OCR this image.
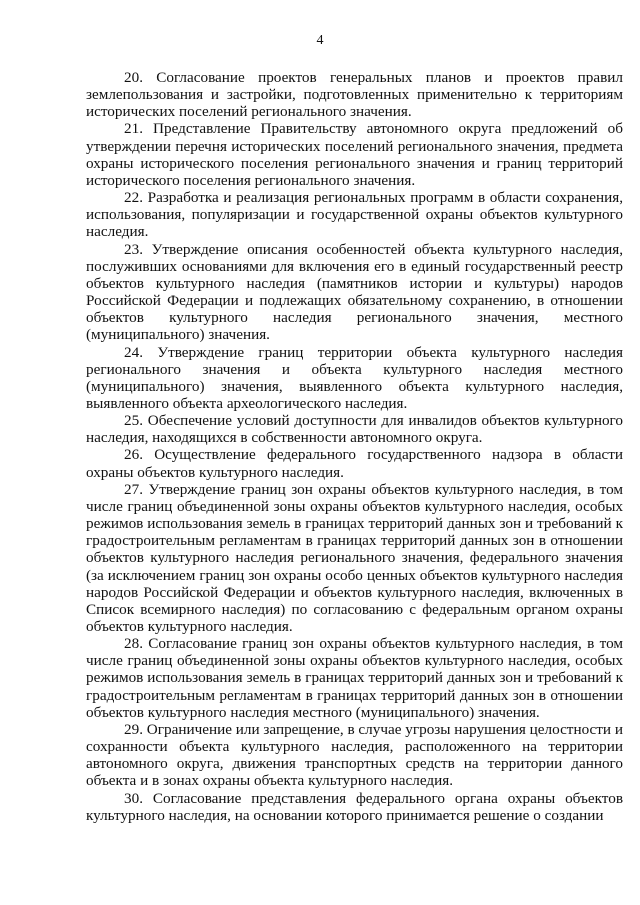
4

20. Согласование проектов генеральных планов и проектов правил землепользования и застройки, подготовленных применительно к территориям исторических поселений регионального значения.

21. Представление Правительству автономного округа предложений об утверждении перечня исторических поселений регионального значения, предмета охраны исторического поселения регионального значения и границ территорий исторического поселения регионального значения.

22. Разработка и реализация региональных программ в области сохранения, использования, популяризации и государственной охраны объектов культурного наследия.

23. Утверждение описания особенностей объекта культурного наследия, послуживших основаниями для включения его в единый государственный реестр объектов культурного наследия (памятников истории и культуры) народов Российской Федерации и подлежащих обязательному сохранению, в отношении объектов культурного наследия регионального значения, местного (муниципального) значения.

24. Утверждение границ территории объекта культурного наследия регионального значения и объекта культурного наследия местного (муниципального) значения, выявленного объекта культурного наследия, выявленного объекта археологического наследия.

25. Обеспечение условий доступности для инвалидов объектов культурного наследия, находящихся в собственности автономного округа.

26. Осуществление федерального государственного надзора в области охраны объектов культурного наследия.

27. Утверждение границ зон охраны объектов культурного наследия, в том числе границ объединенной зоны охраны объектов культурного наследия, особых режимов использования земель в границах территорий данных зон и требований к градостроительным регламентам в границах территорий данных зон в отношении объектов культурного наследия регионального значения, федерального значения (за исключением границ зон охраны особо ценных объектов культурного наследия народов Российской Федерации и объектов культурного наследия, включенных в Список всемирного наследия) по согласованию с федеральным органом охраны объектов культурного наследия.

28. Согласование границ зон охраны объектов культурного наследия, в том числе границ объединенной зоны охраны объектов культурного наследия, особых режимов использования земель в границах территорий данных зон и требований к градостроительным регламентам в границах территорий данных зон в отношении объектов культурного наследия местного (муниципального) значения.

29. Ограничение или запрещение, в случае угрозы нарушения целостности и сохранности объекта культурного наследия, расположенного на территории автономного округа, движения транспортных средств на территории данного объекта и в зонах охраны объекта культурного наследия.

30. Согласование представления федерального органа охраны объектов культурного наследия, на основании которого принимается решение о создании
